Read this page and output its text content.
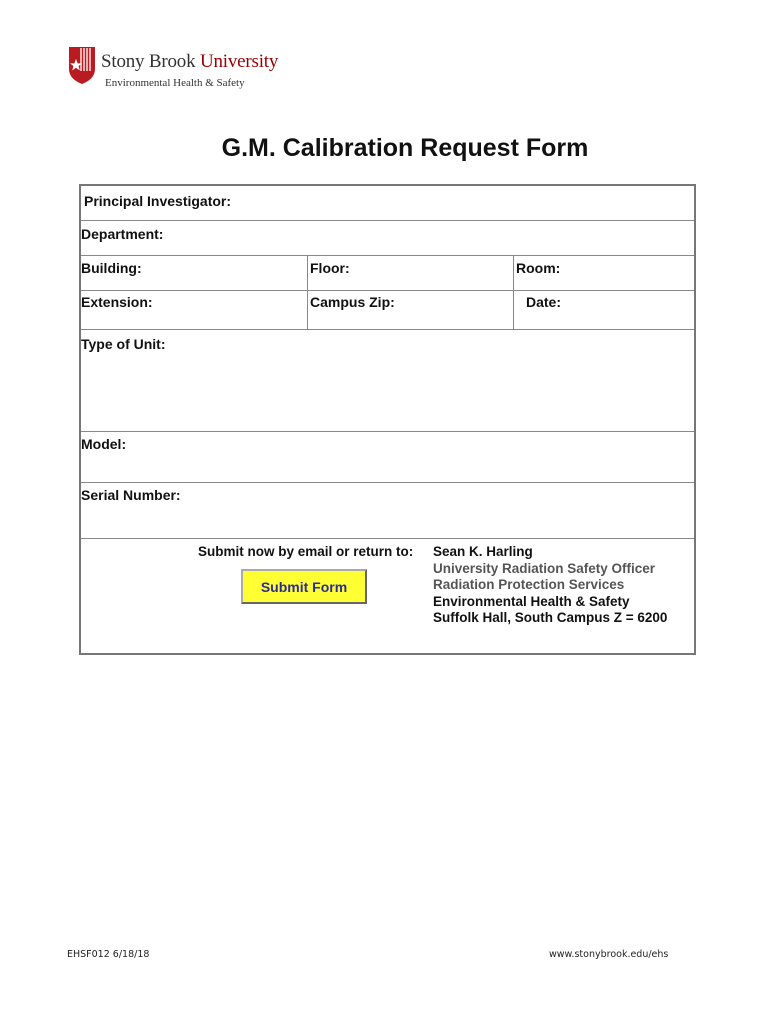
Stony Brook University
Environmental Health & Safety
G.M. Calibration Request Form
Principal Investigator:
Department:
Building:	Floor:	Room:
Extension:	Campus Zip:	Date:
Type of Unit:
Model:
Serial Number:
Submit now by email or return to:
Submit Form
Sean K. Harling
University Radiation Safety Officer
Radiation Protection Services
Environmental Health & Safety
Suffolk Hall, South Campus Z = 6200
EHSF012 6/18/18	www.stonybrook.edu/ehs
